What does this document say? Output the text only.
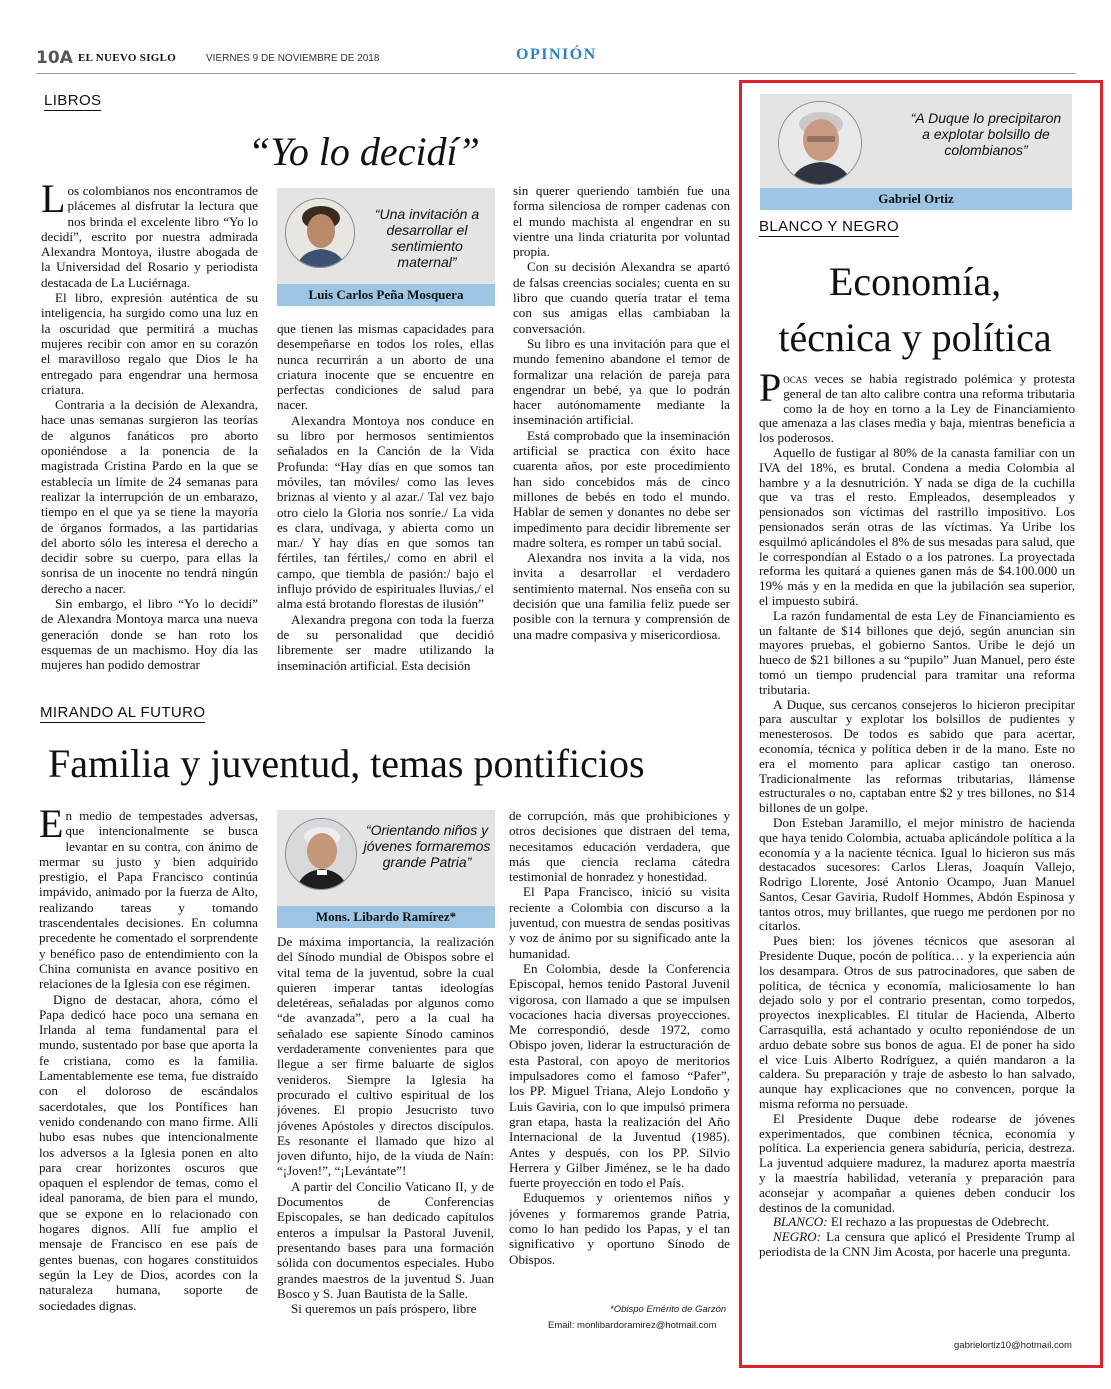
10A EL NUEVO SIGLO	VIERNES 9 DE NOVIEMBRE DE 2018	OPINIÓN
LIBROS
“Yo lo decidí”

Los colombianos nos encontramos de plácemes al disfrutar la lectura que nos brinda el excelente libro “Yo lo decidí”, escrito por nuestra admirada Alexandra Montoya, ilustre abogada de la Universidad del Rosario y periodista destacada de La Luciérnaga.

El libro, expresión auténtica de su inteligencia, ha surgido como una luz en la oscuridad que permitirá a muchas mujeres recibir con amor en su corazón el maravilloso regalo que Dios le ha entregado para engendrar una hermosa criatura.

Contraria a la decisión de Alexandra, hace unas semanas surgieron las teorías de algunos fanáticos pro aborto oponiéndose a la ponencia de la magistrada Cristina Pardo en la que se establecía un límite de 24 semanas para realizar la interrupción de un embarazo, tiempo en el que ya se tiene la mayoría de órganos formados, a las partidarias del aborto sólo les interesa el derecho a decidir sobre su cuerpo, para ellas la sonrisa de un inocente no tendrá ningún derecho a nacer.

Sin embargo, el libro “Yo lo decidí” de Alexandra Montoya marca una nueva generación donde se han roto los esquemas de un machismo. Hoy día las mujeres han podido demostrar

“Una invitación a desarrollar el sentimiento maternal”
Luis Carlos Peña Mosquera

que tienen las mismas capacidades para desempeñarse en todos los roles, ellas nunca recurrirán a un aborto de una criatura inocente que se encuentre en perfectas condiciones de salud para nacer.

Alexandra Montoya nos conduce en su libro por hermosos sentimientos señalados en la Canción de la Vida Profunda: “Hay días en que somos tan móviles, tan móviles/ como las leves briznas al viento y al azar./ Tal vez bajo otro cielo la Gloria nos sonríe./ La vida es clara, undívaga, y abierta como un mar./ Y hay días en que somos tan fértiles, tan fértiles,/ como en abril el campo, que tiembla de pasión:/ bajo el influjo próvido de espirituales lluvias,/ el alma está brotando florestas de ilusión”

Alexandra pregona con toda la fuerza de su personalidad que decidió libremente ser madre utilizando la inseminación artificial. Esta decisión

sin querer queriendo también fue una forma silenciosa de romper cadenas con el mundo machista al engendrar en su vientre una linda criaturita por voluntad propia.

Con su decisión Alexandra se apartó de falsas creencias sociales; cuenta en su libro que cuando quería tratar el tema con sus amigas ellas cambiaban la conversación.

Su libro es una invitación para que el mundo femenino abandone el temor de formalizar una relación de pareja para engendrar un bebé, ya que lo podrán hacer autónomamente mediante la inseminación artificial.

Está comprobado que la inseminación artificial se practica con éxito hace cuarenta años, por este procedimiento han sido concebidos más de cinco millones de bebés en todo el mundo. Hablar de semen y donantes no debe ser impedimento para decidir libremente ser madre soltera, es romper un tabú social.

Alexandra nos invita a la vida, nos invita a desarrollar el verdadero sentimiento maternal. Nos enseña con su decisión que una familia feliz puede ser posible con la ternura y comprensión de una madre compasiva y misericordiosa.

MIRANDO AL FUTURO
Familia y juventud, temas pontificios

En medio de tempestades adversas, que intencionalmente se busca levantar en su contra, con ánimo de mermar su justo y bien adquirido prestigio, el Papa Francisco continúa impávido, animado por la fuerza de Alto, realizando tareas y tomando trascendentales decisiones. En columna precedente he comentado el sorprendente y benéfico paso de entendimiento con la China comunista en avance positivo en relaciones de la Iglesia con ese régimen.

Digno de destacar, ahora, cómo el Papa dedicó hace poco una semana en Irlanda al tema fundamental para el mundo, sustentado por base que aporta la fe cristiana, como es la familia. Lamentablemente ese tema, fue distraído con el doloroso de escándalos sacerdotales, que los Pontífices han venido condenando con mano firme. Allí hubo esas nubes que intencionalmente los adversos a la Iglesia ponen en alto para crear horizontes oscuros que opaquen el esplendor de temas, como el ideal panorama, de bien para el mundo, que se expone en lo relacionado con hogares dignos. Allí fue amplio el mensaje de Francisco en ese país de gentes buenas, con hogares constituidos según la Ley de Dios, acordes con la naturaleza humana, soporte de sociedades dignas.

“Orientando niños y jóvenes formaremos grande Patria”
Mons. Libardo Ramírez*

De máxima importancia, la realización del Sínodo mundial de Obispos sobre el vital tema de la juventud, sobre la cual quieren imperar tantas ideologías deletéreas, señaladas por algunos como “de avanzada”, pero a la cual ha señalado ese sapiente Sínodo caminos verdaderamente convenientes para que llegue a ser firme baluarte de siglos venideros. Siempre la Iglesia ha procurado el cultivo espiritual de los jóvenes. El propio Jesucristo tuvo jóvenes Apóstoles y directos discípulos. Es resonante el llamado que hizo al joven difunto, hijo, de la viuda de Naín: “¡Joven!”, “¡Levántate”!

A partir del Concilio Vaticano II, y de Documentos de Conferencias Episcopales, se han dedicado capítulos enteros a impulsar la Pastoral Juvenil, presentando bases para una formación sólida con documentos especiales. Hubo grandes maestros de la juventud S. Juan Bosco y S. Juan Bautista de la Salle.

Si queremos un país próspero, libre

de corrupción, más que prohibiciones y otros decisiones que distraen del tema, necesitamos educación verdadera, que más que ciencia reclama cátedra testimonial de honradez y honestidad.

El Papa Francisco, inició su visita reciente a Colombia con discurso a la juventud, con muestra de sendas positivas y voz de ánimo por su significado ante la humanidad.

En Colombia, desde la Conferencia Episcopal, hemos tenido Pastoral Juvenil vigorosa, con llamado a que se impulsen vocaciones hacia diversas proyecciones. Me correspondió, desde 1972, como Obispo joven, liderar la estructuración de esta Pastoral, con apoyo de meritorios impulsadores como el famoso “Pafer”, los PP. Miguel Triana, Alejo Londoño y Luis Gaviria, con lo que impulsó primera gran etapa, hasta la realización del Año Internacional de la Juventud (1985). Antes y después, con los PP. Silvio Herrera y Gilber Jiménez, se le ha dado fuerte proyección en todo el País.

Eduquemos y orientemos niños y jóvenes y formaremos grande Patria, como lo han pedido los Papas, y el tan significativo y oportuno Sínodo de Obispos.

*Obispo Emérito de Garzón
Email: monlibardoramirez@hotmail.com
“A Duque lo precipitaron a explotar bolsillo de colombianos”
Gabriel Ortiz
BLANCO Y NEGRO
Economía,
técnica y política

Pocas veces se había registrado polémica y protesta general de tan alto calibre contra una reforma tributaria como la de hoy en torno a la Ley de Financiamiento que amenaza a las clases media y baja, mientras beneficia a los poderosos.

Aquello de fustigar al 80% de la canasta familiar con un IVA del 18%, es brutal. Condena a media Colombia al hambre y a la desnutrición. Y nada se diga de la cuchilla que va tras el resto. Empleados, desempleados y pensionados son víctimas del rastrillo impositivo. Los pensionados serán otras de las víctimas. Ya Uribe los esquilmó aplicándoles el 8% de sus mesadas para salud, que le correspondían al Estado o a los patrones. La proyectada reforma les quitará a quienes ganen más de $4.100.000 un 19% más y en la medida en que la jubilación sea superior, el impuesto subirá.

La razón fundamental de esta Ley de Financiamiento es un faltante de $14 billones que dejó, según anuncian sin mayores pruebas, el gobierno Santos. Uribe le dejó un hueco de $21 billones a su “pupilo” Juan Manuel, pero éste tomó un tiempo prudencial para tramitar una reforma tributaria.

A Duque, sus cercanos consejeros lo hicieron precipitar para auscultar y explotar los bolsillos de pudientes y menesterosos. De todos es sabido que para acertar, economía, técnica y política deben ir de la mano. Este no era el momento para aplicar castigo tan oneroso. Tradicionalmente las reformas tributarias, llámense estructurales o no, captaban entre $2 y tres billones, no $14 billones de un golpe.

Don Esteban Jaramillo, el mejor ministro de hacienda que haya tenido Colombia, actuaba aplicándole política a la economía y a la naciente técnica. Igual lo hicieron sus más destacados sucesores: Carlos Lleras, Joaquín Vallejo, Rodrigo Llorente, José Antonio Ocampo, Juan Manuel Santos, Cesar Gaviria, Rudolf Hommes, Abdón Espinosa y tantos otros, muy brillantes, que ruego me perdonen por no citarlos.

Pues bien: los jóvenes técnicos que asesoran al Presidente Duque, pocón de política… y la experiencia aún los desampara. Otros de sus patrocinadores, que saben de política, de técnica y economía, maliciosamente lo han dejado solo y por el contrario presentan, como torpedos, proyectos inexplicables. El titular de Hacienda, Alberto Carrasquilla, está achantado y oculto reponiéndose de un arduo debate sobre sus bonos de agua. El de poner ha sido el vice Luis Alberto Rodríguez, a quién mandaron a la caldera. Su preparación y traje de asbesto lo han salvado, aunque hay explicaciones que no convencen, porque la misma reforma no persuade.

El Presidente Duque debe rodearse de jóvenes experimentados, que combinen técnica, economía y política. La experiencia genera sabiduría, pericia, destreza. La juventud adquiere madurez, la madurez aporta maestría y la maestría habilidad, veteranía y preparación para aconsejar y acompañar a quienes deben conducir los destinos de la comunidad.

BLANCO: El rechazo a las propuestas de Odebrecht.

NEGRO: La censura que aplicó el Presidente Trump al periodista de la CNN Jim Acosta, por hacerle una pregunta.

gabrielortiz10@hotmail.com
